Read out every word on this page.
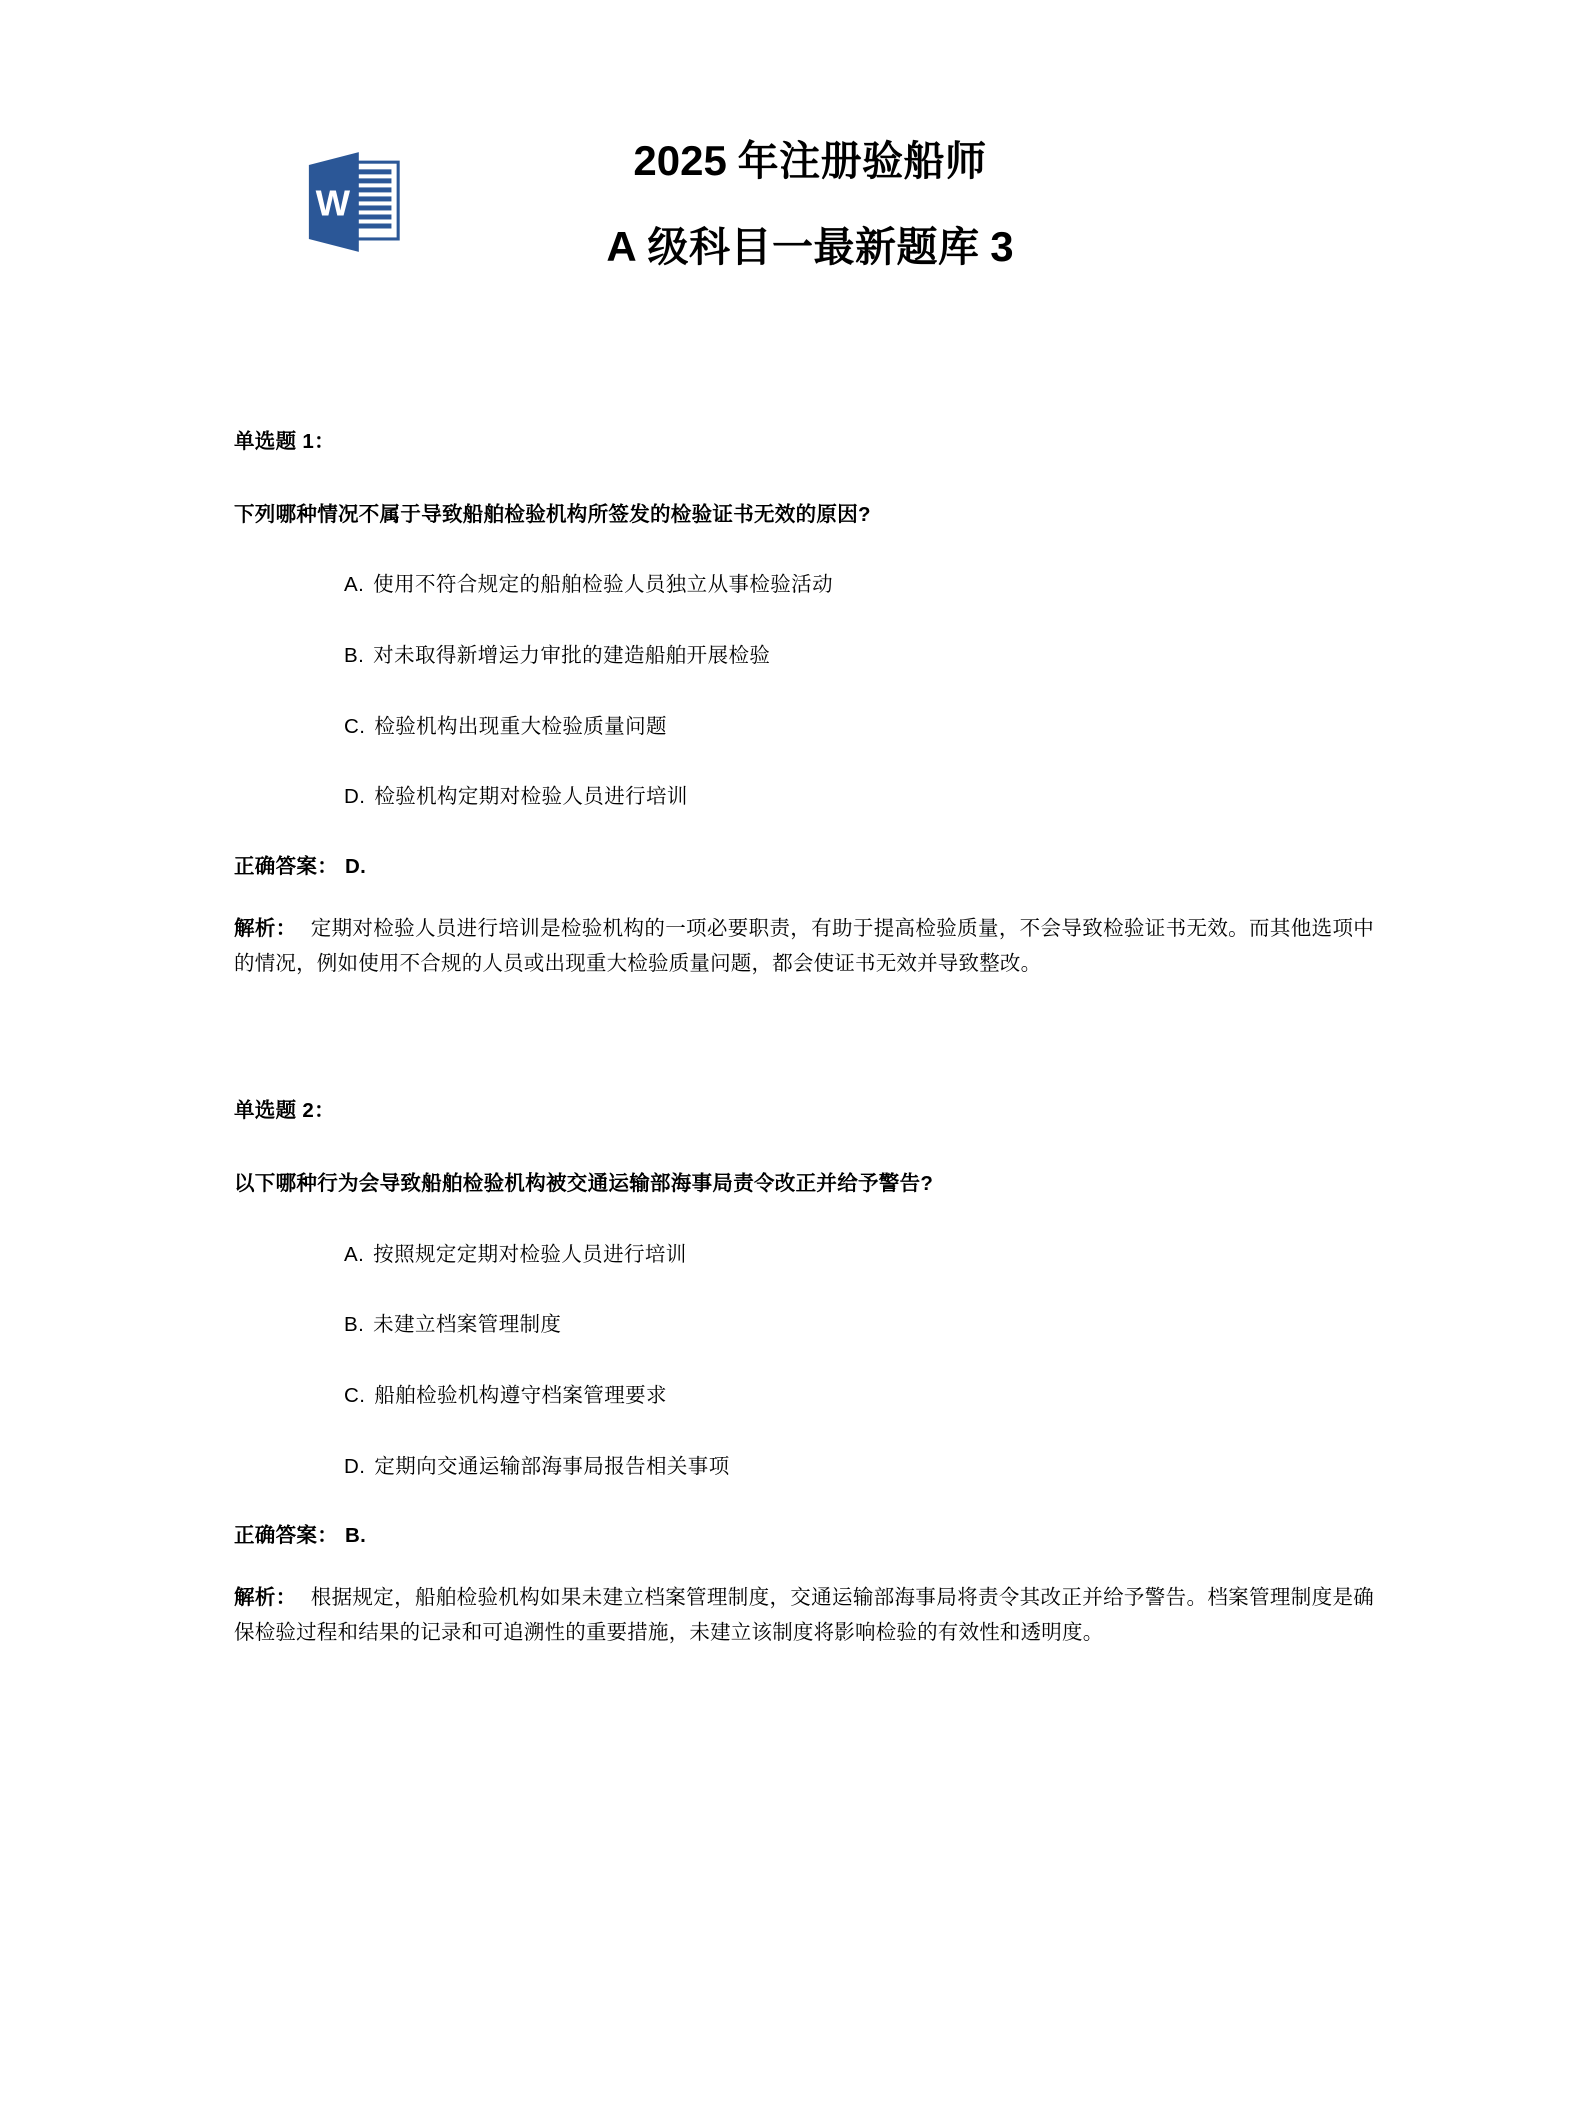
W
2025 年注册验船师
A 级科目一最新题库 3
单选题 1：
下列哪种情况不属于导致船舶检验机构所签发的检验证书无效的原因?
A. 使用不符合规定的船舶检验人员独立从事检验活动
B. 对未取得新增运力审批的建造船舶开展检验
C. 检验机构出现重大检验质量问题
D. 检验机构定期对检验人员进行培训
正确答案： D.
解析： 定期对检验人员进行培训是检验机构的一项必要职责，有助于提高检验质量，不会导致检验证书无效。而其他选项中的情况，例如使用不合规的人员或出现重大检验质量问题，都会使证书无效并导致整改。
单选题 2：
以下哪种行为会导致船舶检验机构被交通运输部海事局责令改正并给予警告?
A. 按照规定定期对检验人员进行培训
B. 未建立档案管理制度
C. 船舶检验机构遵守档案管理要求
D. 定期向交通运输部海事局报告相关事项
正确答案： B.
解析： 根据规定，船舶检验机构如果未建立档案管理制度，交通运输部海事局将责令其改正并给予警告。档案管理制度是确保检验过程和结果的记录和可追溯性的重要措施，未建立该制度将影响检验的有效性和透明度。
